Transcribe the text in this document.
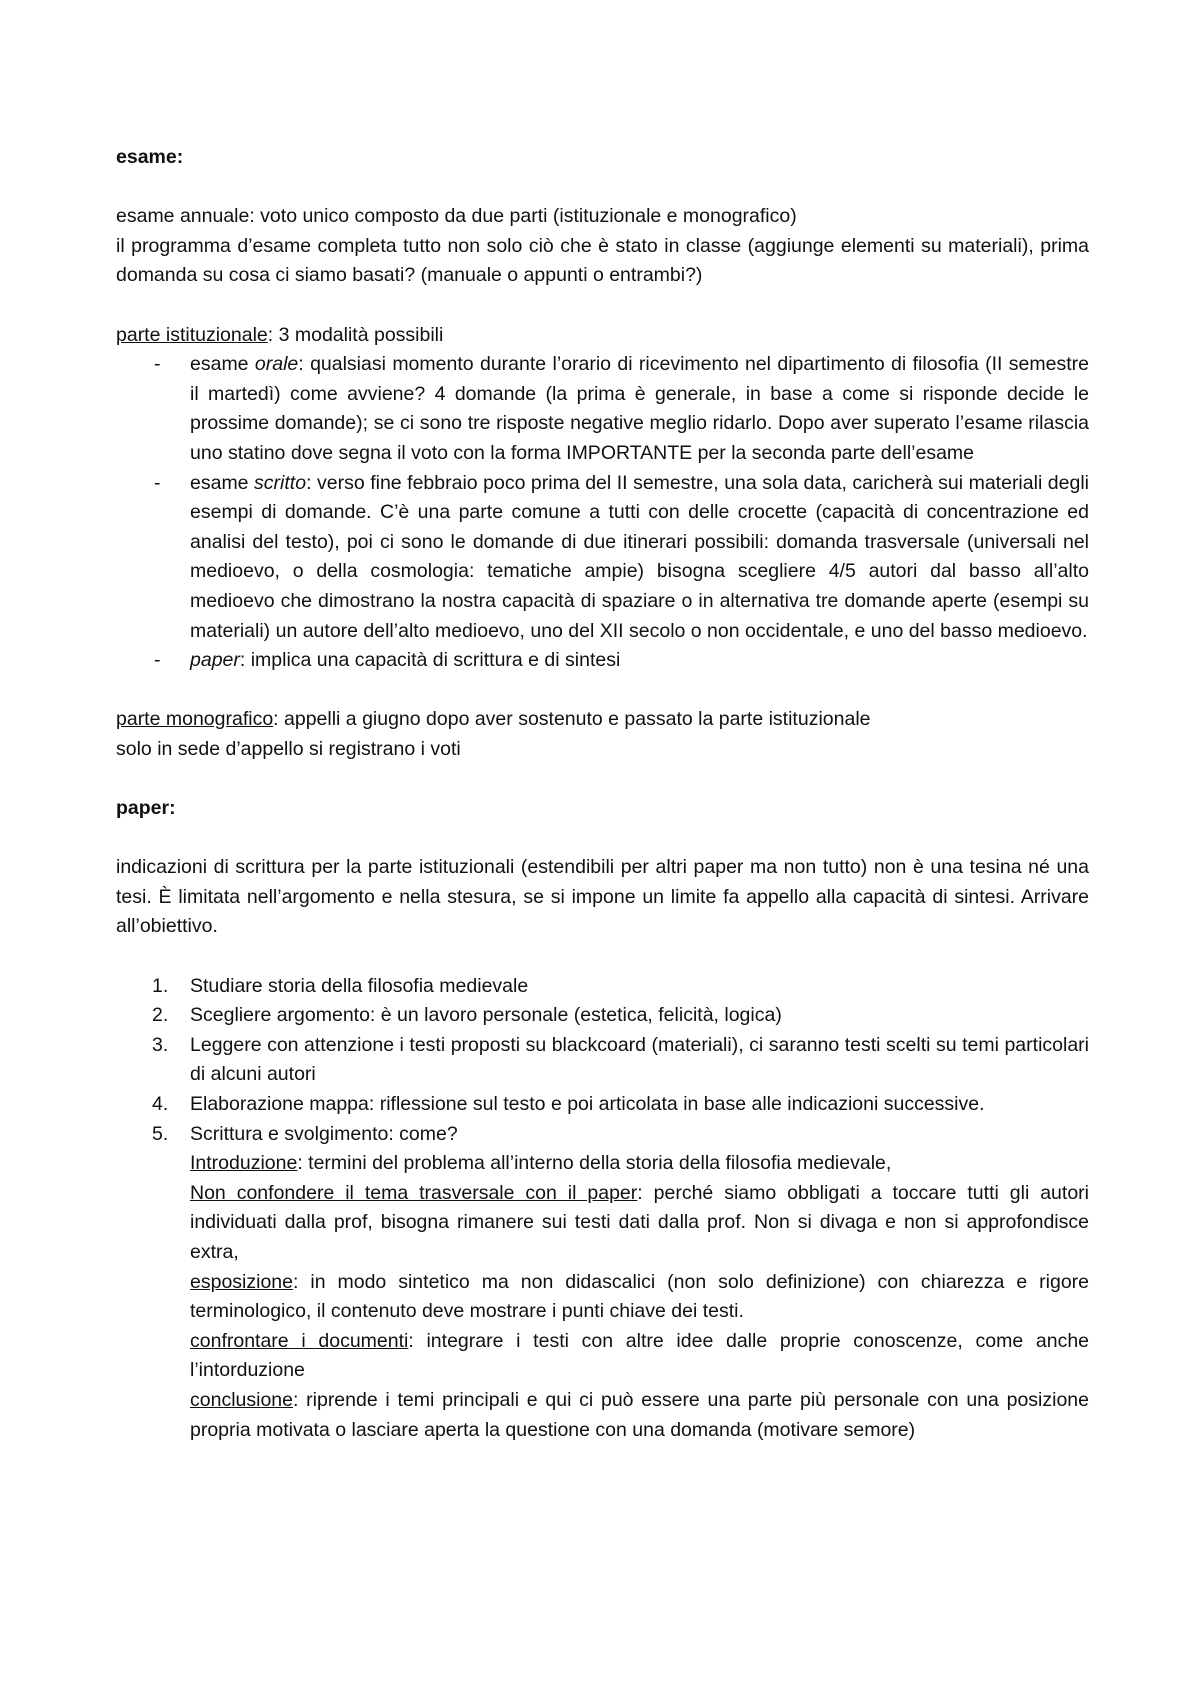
esame:

esame annuale: voto unico composto da due parti (istituzionale e monografico)

il programma d’esame completa tutto non solo ciò che è stato in classe (aggiunge elementi su materiali), prima domanda su cosa ci siamo basati? (manuale o appunti o entrambi?)

parte istituzionale: 3 modalità possibili

- esame orale: qualsiasi momento durante l’orario di ricevimento nel dipartimento di filosofia (II semestre il martedì) come avviene? 4 domande (la prima è generale, in base a come si risponde decide le prossime domande); se ci sono tre risposte negative meglio ridarlo. Dopo aver superato l’esame rilascia uno statino dove segna il voto con la forma IMPORTANTE per la seconda parte dell’esame
- esame scritto: verso fine febbraio poco prima del II semestre, una sola data, caricherà sui materiali degli esempi di domande. C’è una parte comune a tutti con delle crocette (capacità di concentrazione ed analisi del testo), poi ci sono le domande di due itinerari possibili: domanda trasversale (universali nel medioevo, o della cosmologia: tematiche ampie) bisogna scegliere 4/5 autori dal basso all’alto medioevo che dimostrano la nostra capacità di spaziare o in alternativa tre domande aperte (esempi su materiali) un autore dell’alto medioevo, uno del XII secolo o non occidentale, e uno del basso medioevo.
- paper: implica una capacità di scrittura e di sintesi

parte monografico: appelli a giugno dopo aver sostenuto e passato la parte istituzionale

solo in sede d’appello si registrano i voti

paper:

indicazioni di scrittura per la parte istituzionali (estendibili per altri paper ma non tutto) non è una tesina né una tesi. È limitata nell’argomento e nella stesura, se si impone un limite fa appello alla capacità di sintesi. Arrivare all’obiettivo.

1. Studiare storia della filosofia medievale
2. Scegliere argomento: è un lavoro personale (estetica, felicità, logica)
3. Leggere con attenzione i testi proposti su blackcoard (materiali), ci saranno testi scelti su temi particolari di alcuni autori
4. Elaborazione mappa: riflessione sul testo e poi articolata in base alle indicazioni successive.
5. Scrittura e svolgimento: come?
Introduzione: termini del problema all’interno della storia della filosofia medievale,
Non confondere il tema trasversale con il paper: perché siamo obbligati a toccare tutti gli autori individuati dalla prof, bisogna rimanere sui testi dati dalla prof. Non si divaga e non si approfondisce extra,
esposizione: in modo sintetico ma non didascalici (non solo definizione) con chiarezza e rigore terminologico, il contenuto deve mostrare i punti chiave dei testi.
confrontare i documenti: integrare i testi con altre idee dalle proprie conoscenze, come anche l’intorduzione
conclusione: riprende i temi principali e qui ci può essere una parte più personale con una posizione propria motivata o lasciare aperta la questione con una domanda (motivare semore)
